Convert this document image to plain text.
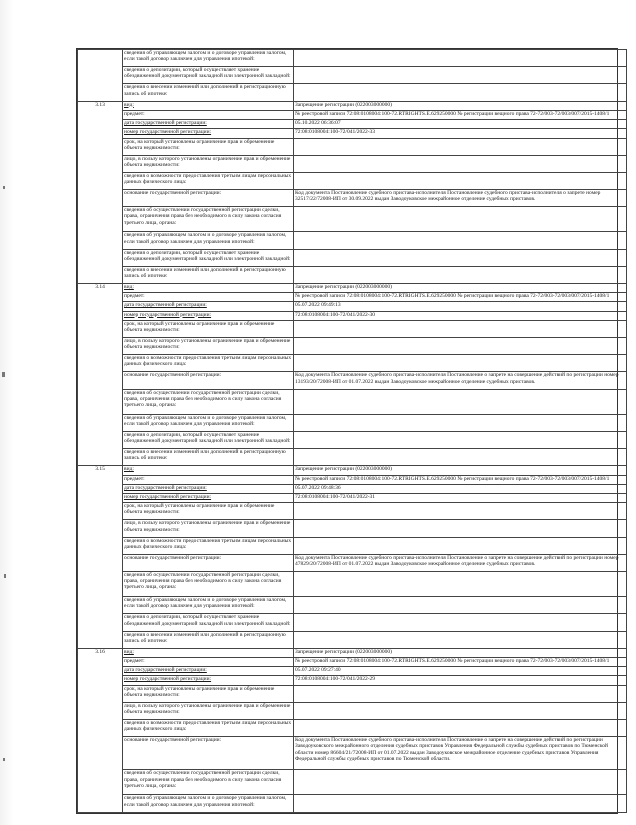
	сведения об управляющем залогом и о договоре управления залогом, если такой договор заключен для управления ипотекой:	
	сведения о депозитарии, который осуществляет хранение обездвиженной документарной закладной или электронной закладной:	
	сведения о внесении изменений или дополнений в регистрационную запись об ипотеке:	
3.13	вид:	Запрещение регистрации (022003000000)
	предмет:	№ реестровой записи 72:08:0108004:100-72.RTRIGHTS.E.629250000 № регистрации вещного права 72-72/003-72/003/007/2015-1408/1
	дата государственной регистрации:	05.10.2022 06:36:07
	номер государственной регистрации:	72:08:0108004:100-72/041/2022-33
	срок, на который установлены ограничение прав и обременение объекта недвижимости:	
	лицо, в пользу которого установлены ограничение прав и обременение объекта недвижимости:	
	сведения о возможности предоставления третьим лицам персональных данных физического лица:	
	основание государственной регистрации:	Код документа Постановление судебного пристава-исполнителя Постановление судебного пристава-исполнителя о запрете номер 32517/22/72008-ИП от 30.09.2022 выдан Заводоуковское межрайонное отделение судебных приставов.
	сведения об осуществлении государственной регистрации сделки, права, ограничения права без необходимого в силу закона согласия третьего лица, органа:	
	сведения об управляющем залогом и о договоре управления залогом, если такой договор заключен для управления ипотекой:	
	сведения о депозитарии, который осуществляет хранение обездвиженной документарной закладной или электронной закладной:	
	сведения о внесении изменений или дополнений в регистрационную запись об ипотеке:	
3.14	вид:	Запрещение регистрации (022003000000)
	предмет:	№ реестровой записи 72:08:0108004:100-72.RTRIGHTS.E.629250000 № регистрации вещного права 72-72/003-72/003/007/2015-1408/1
	дата государственной регистрации:	05.07.2022 09:49:13
	номер государственной регистрации:	72:08:0108004:100-72/041/2022-30
	срок, на который установлены ограничение прав и обременение объекта недвижимости:	
	лицо, в пользу которого установлены ограничение прав и обременение объекта недвижимости:	
	сведения о возможности предоставления третьим лицам персональных данных физического лица:	
	основание государственной регистрации:	Код документа Постановление судебного пристава-исполнителя Постановление о запрете на совершение действий по регистрации номер 13193/20/72008-ИП от 01.07.2022 выдан Заводоуковское межрайонное отделение судебных приставов.
	сведения об осуществлении государственной регистрации сделки, права, ограничения права без необходимого в силу закона согласия третьего лица, органа:	
	сведения об управляющем залогом и о договоре управления залогом, если такой договор заключен для управления ипотекой:	
	сведения о депозитарии, который осуществляет хранение обездвиженной документарной закладной или электронной закладной:	
	сведения о внесении изменений или дополнений в регистрационную запись об ипотеке:	
3.15	вид:	Запрещение регистрации (022003000000)
	предмет:	№ реестровой записи 72:08:0108004:100-72.RTRIGHTS.E.629250000 № регистрации вещного права 72-72/003-72/003/007/2015-1408/1
	дата государственной регистрации:	05.07.2022 09:48:36
	номер государственной регистрации:	72:08:0108004:100-72/041/2022-31
	срок, на который установлены ограничение прав и обременение объекта недвижимости:	
	лицо, в пользу которого установлены ограничение прав и обременение объекта недвижимости:	
	сведения о возможности предоставления третьим лицам персональных данных физического лица:	
	основание государственной регистрации:	Код документа Постановление судебного пристава-исполнителя Постановление о запрете на совершение действий по регистрации номер 47829/20/72008-ИП от 01.07.2022 выдан Заводоуковское межрайонное отделение судебных приставов.
	сведения об осуществлении государственной регистрации сделки, права, ограничения права без необходимого в силу закона согласия третьего лица, органа:	
	сведения об управляющем залогом и о договоре управления залогом, если такой договор заключен для управления ипотекой:	
	сведения о депозитарии, который осуществляет хранение обездвиженной документарной закладной или электронной закладной:	
	сведения о внесении изменений или дополнений в регистрационную запись об ипотеке:	
3.16	вид:	Запрещение регистрации (022003000000)
	предмет:	№ реестровой записи 72:08:0108004:100-72.RTRIGHTS.E.629250000 № регистрации вещного права 72-72/003-72/003/007/2015-1408/1
	дата государственной регистрации:	05.07.2022 09:27:40
	номер государственной регистрации:	72:08:0108004:100-72/041/2022-29
	срок, на который установлены ограничение прав и обременение объекта недвижимости:	
	лицо, в пользу которого установлены ограничение прав и обременение объекта недвижимости:	
	сведения о возможности предоставления третьим лицам персональных данных физического лица:	
	основание государственной регистрации:	Код документа Постановление судебного пристава-исполнителя Постановление о запрете на совершение действий по регистрации Заводоуковского межрайонного отделения судебных приставов Управления Федеральной службы судебных приставов по Тюменской области номер 86604/21/72008-ИП от 01.07.2022 выдан Заводоуковское межрайонное отделение судебных приставов Управления Федеральной службы судебных приставов по Тюменской области.
	сведения об осуществлении государственной регистрации сделки, права, ограничения права без необходимого в силу закона согласия третьего лица, органа:	
	сведения об управляющем залогом и о договоре управления залогом, если такой договор заключен для управления ипотекой:	
